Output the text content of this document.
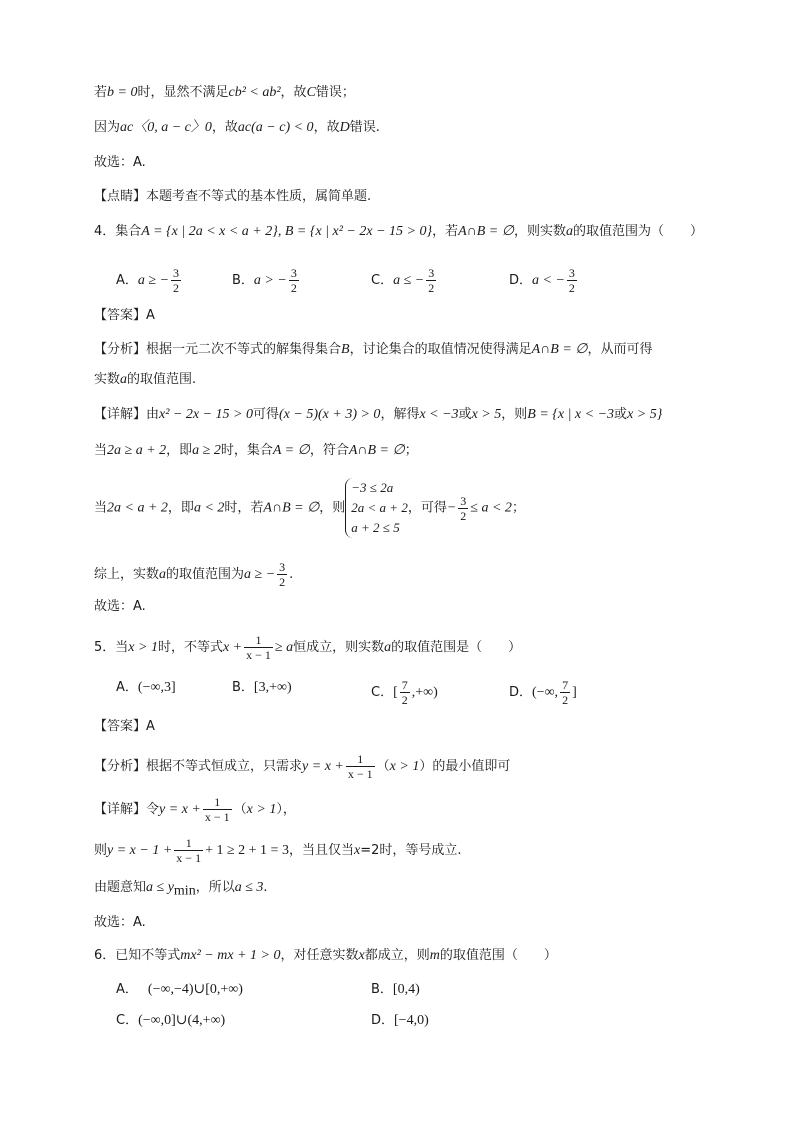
若b = 0时，显然不满足cb² < ab²，故C错误；
因为ac〈0, a − c〉0，故ac(a − c) < 0，故D错误.
故选：A.
【点睛】本题考查不等式的基本性质，属简单题.
4．集合A = {x | 2a < x < a + 2}, B = {x | x² − 2x − 15 > 0}，若A∩B = ∅，则实数a的取值范围为（　　）
A．a ≥ − $\frac{3}{2}$	B．a > − $\frac{3}{2}$	C．a ≤ − $\frac{3}{2}$	D．a < − $\frac{3}{2}$
【答案】A
【分析】根据一元二次不等式的解集得集合B，讨论集合的取值情况使得满足A∩B = ∅，从而可得
实数a的取值范围.
【详解】由x² − 2x − 15 > 0可得(x − 5)(x + 3) > 0，解得x < −3或x > 5，则B = {x | x < −3或x > 5}
当2a ≥ a + 2，即a ≥ 2时，集合A = ∅，符合A∩B = ∅；
当2a < a + 2，即a < 2时，若A∩B = ∅，则
−3 ≤ 2a
2a < a + 2
a + 2 ≤ 5
，可得− $\frac{3}{2} \le a < 2$；
综上，实数a的取值范围为a ≥ − $\frac{3}{2}$ .
故选：A.
5．当x > 1时，不等式$x + \frac{1}{x - 1} \ge a$恒成立，则实数a的取值范围是（　　）
A．(−∞,3]	B．[3,+∞)	C．[ $\frac{7}{2}$ ,+∞)	D．(−∞, $\frac{7}{2}$ ]
【答案】A
【分析】根据不等式恒成立，只需求$y = x + \frac{1}{x - 1} (x > 1)$的最小值即可
【详解】令$y = x + \frac{1}{x - 1} (x > 1)$，
则$y = x - 1 + \frac{1}{x - 1} + 1 \ge 2 + 1 = 3$，当且仅当x=2时，等号成立.
由题意知$a \le y_{min}$，所以a ≤ 3.
故选：A.
6．已知不等式mx² − mx + 1 > 0，对任意实数x都成立，则m的取值范围（　　）
A． (−∞,−4)∪[0,+∞)	B．[0,4)
C．(−∞,0]∪(4,+∞)	D．[−4,0)
